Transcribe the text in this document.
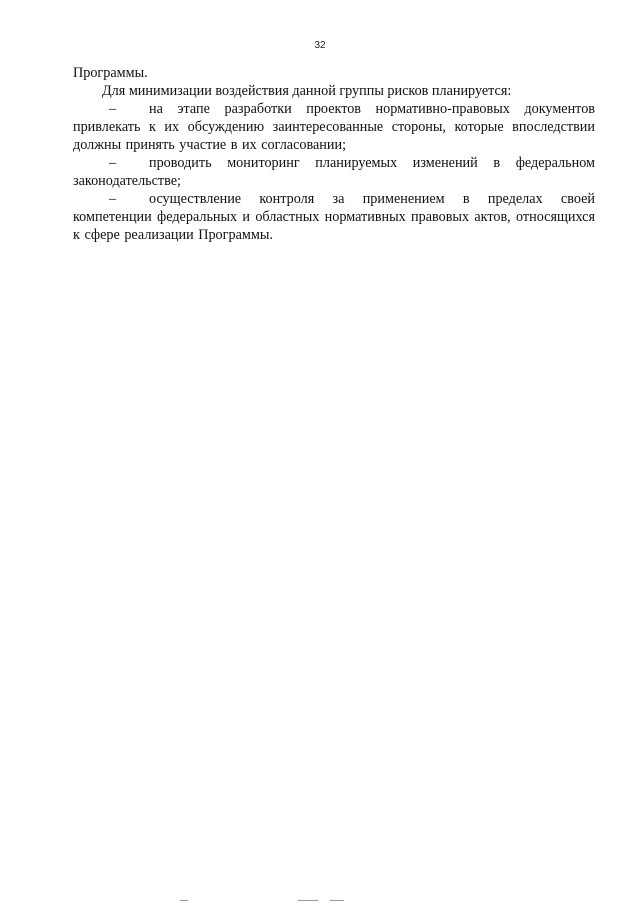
32

Программы.

Для минимизации воздействия данной группы рисков планируется:

– на этапе разработки проектов нормативно-правовых документов привлекать к их обсуждению заинтересованные стороны, которые впоследствии должны принять участие в их согласовании;

– проводить мониторинг планируемых изменений в федеральном законодательстве;

– осуществление контроля за применением в пределах своей компетенции федеральных и областных нормативных правовых актов, относящихся к сфере реализации Программы.
